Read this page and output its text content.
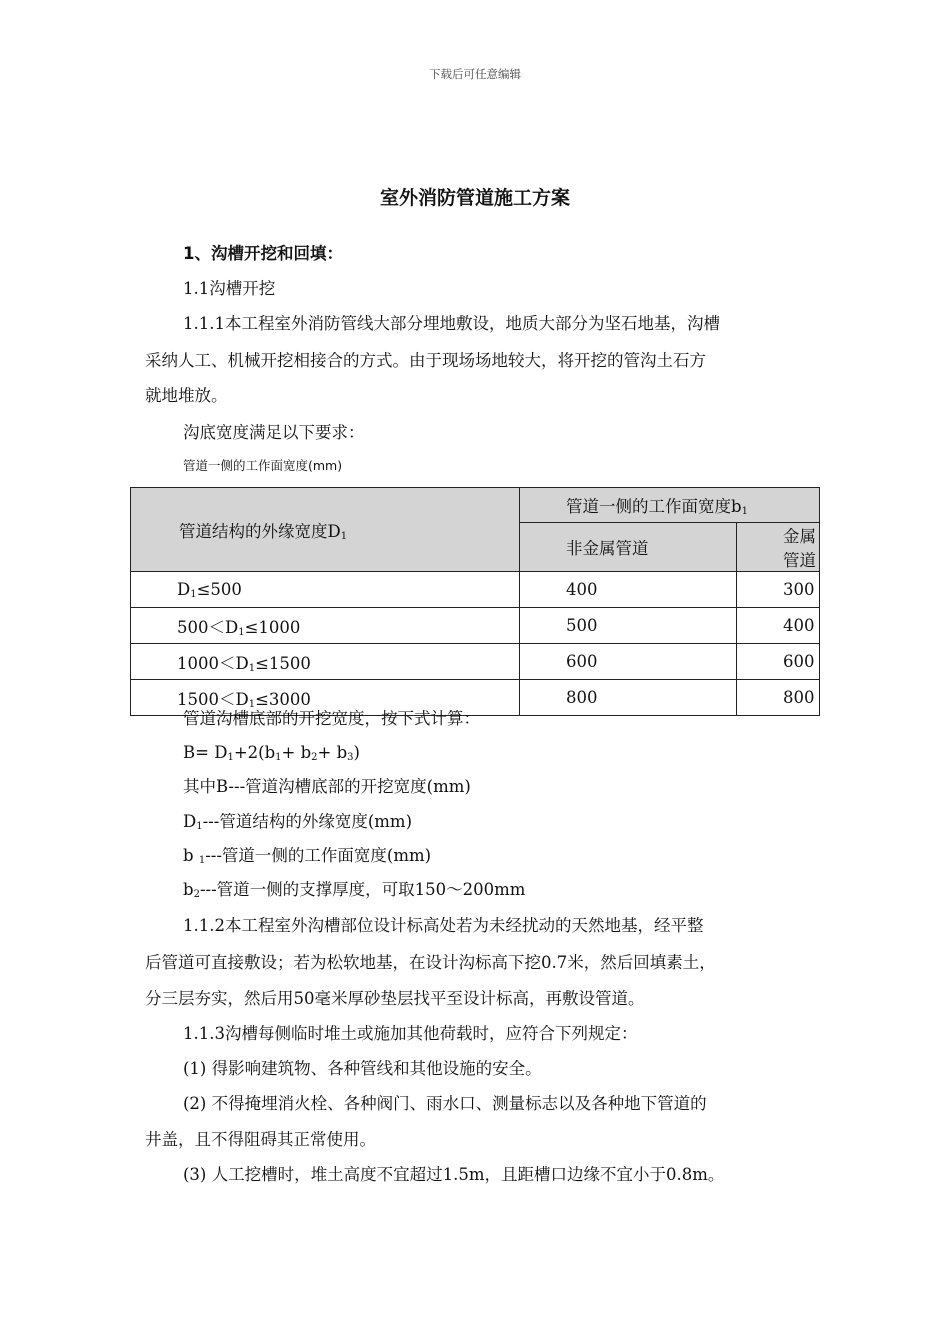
下载后可任意编辑
室外消防管道施工方案
1、沟槽开挖和回填：
1.1沟槽开挖
1.1.1本工程室外消防管线大部分埋地敷设，地质大部分为坚石地基，沟槽
采纳人工、机械开挖相接合的方式。由于现场场地较大，将开挖的管沟土石方
就地堆放。
沟底宽度满足以下要求：
管道一侧的工作面宽度(mm)
管道结构的外缘宽度$D_1$	管道一侧的工作面宽度$b_1$
	非金属管道	金属管道
$D_1\le 500$	400	300
$500<D_1\le 1000$	500	400
$1000<D_1\le 1500$	600	600
$1500<D_1\le 3000$	800	800
管道沟槽底部的开挖宽度，按下式计算：
$B= D_1+2(b_1+ b_2+ b_3)$
其中B---管道沟槽底部的开挖宽度(mm)
$D_1---$管道结构的外缘宽度(mm)
b $_1$---管道一侧的工作面宽度(mm)
$b_2---$管道一侧的支撑厚度，可取150～200mm
1.1.2本工程室外沟槽部位设计标高处若为未经扰动的天然地基，经平整
后管道可直接敷设；若为松软地基，在设计沟标高下挖0.7米，然后回填素土，
分三层夯实，然后用50毫米厚砂垫层找平至设计标高，再敷设管道。
1.1.3沟槽每侧临时堆土或施加其他荷载时，应符合下列规定：
(1) 得影响建筑物、各种管线和其他设施的安全。
(2) 不得掩埋消火栓、各种阀门、雨水口、测量标志以及各种地下管道的
井盖，且不得阻碍其正常使用。
(3) 人工挖槽时，堆土高度不宜超过1.5m，且距槽口边缘不宜小于0.8m。
